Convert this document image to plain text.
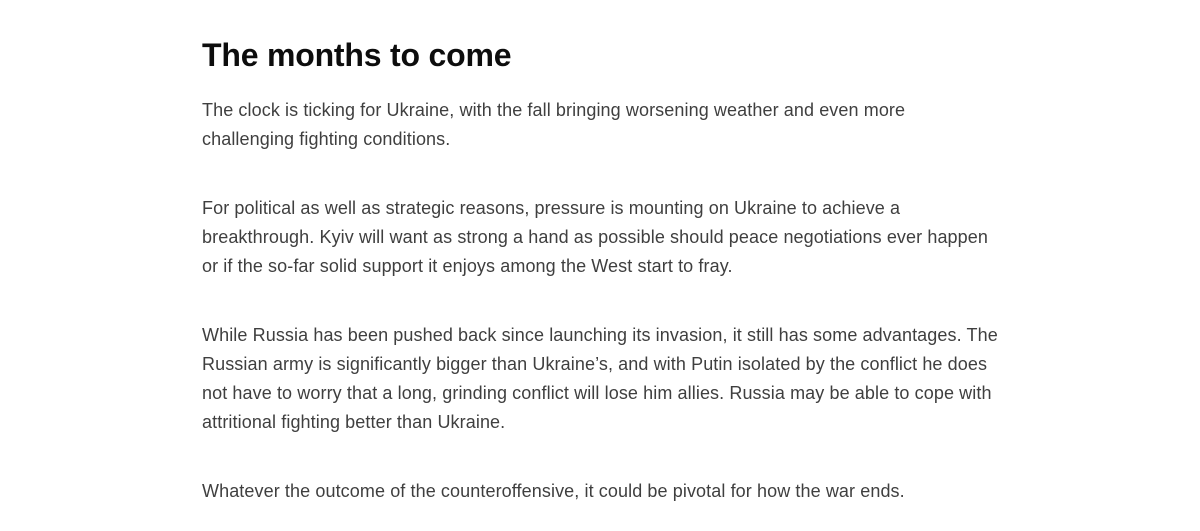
The months to come

The clock is ticking for Ukraine, with the fall bringing worsening weather and even more challenging fighting conditions.

For political as well as strategic reasons, pressure is mounting on Ukraine to achieve a breakthrough. Kyiv will want as strong a hand as possible should peace negotiations ever happen or if the so-far solid support it enjoys among the West start to fray.

While Russia has been pushed back since launching its invasion, it still has some advantages. The Russian army is significantly bigger than Ukraine’s, and with Putin isolated by the conflict he does not have to worry that a long, grinding conflict will lose him allies. Russia may be able to cope with attritional fighting better than Ukraine.

Whatever the outcome of the counteroffensive, it could be pivotal for how the war ends.
